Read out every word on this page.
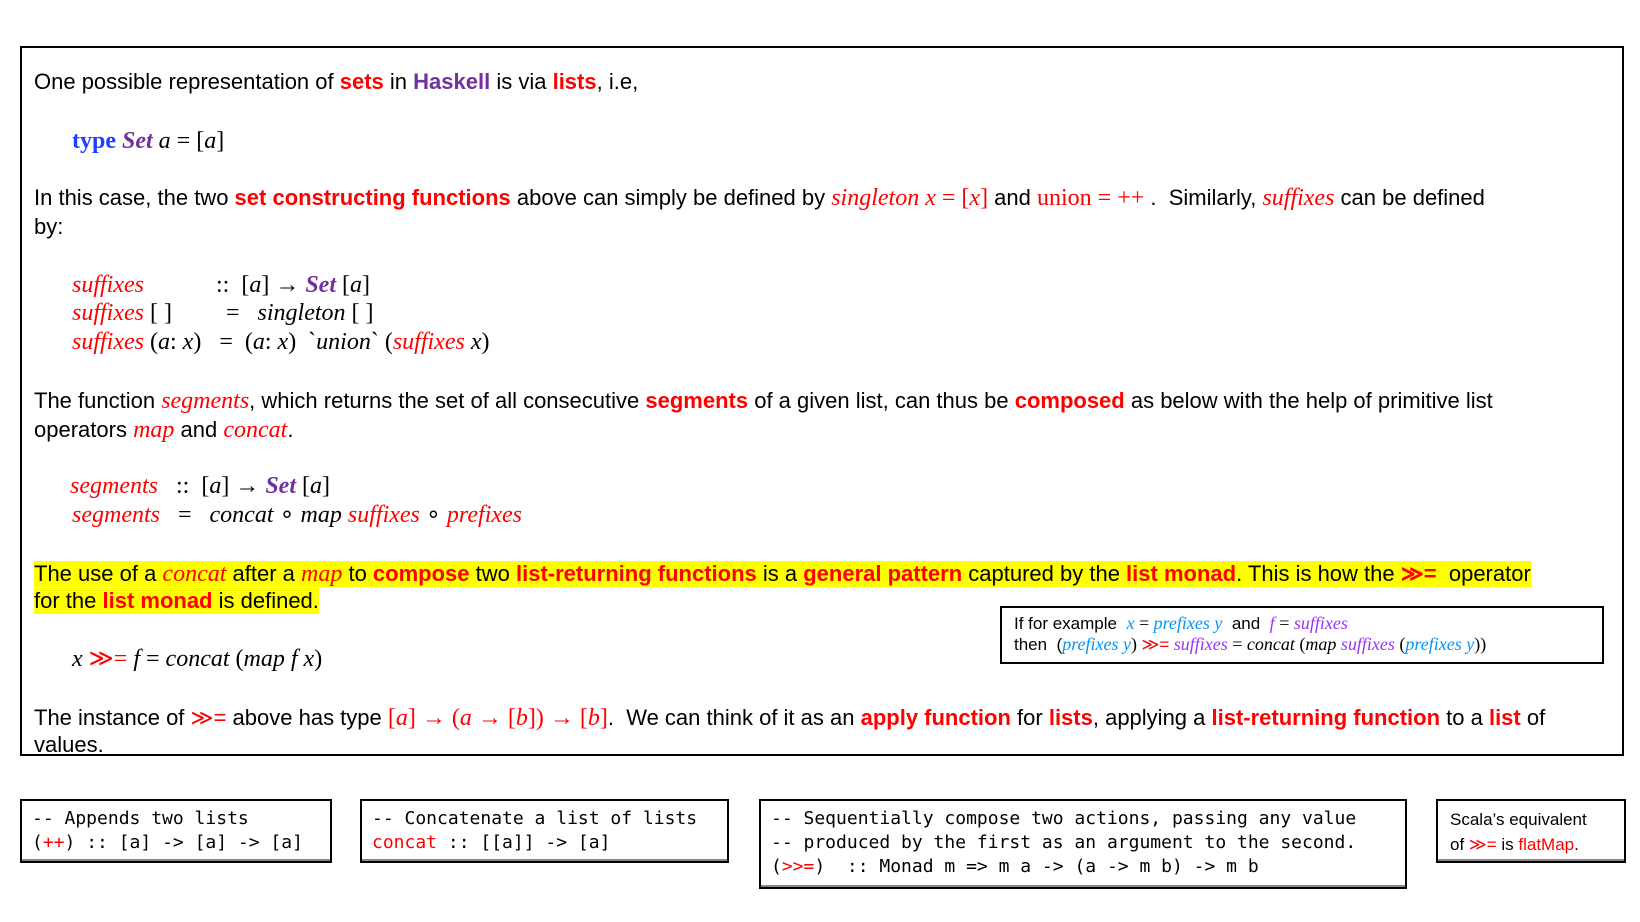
One possible representation of sets in Haskell is via lists, i.e,
type Set a = [a]
In this case, the two set constructing functions above can simply be defined by singleton x = [x] and union = ++ .  Similarly, suffixes can be defined
by:
suffixes            ::  [a] → Set [a]
suffixes [ ]         =   singleton [ ]
suffixes (a: x)   =  (a: x)  `union` (suffixes x)
The function segments, which returns the set of all consecutive segments of a given list, can thus be composed as below with the help of primitive list
operators map and concat.
segments   ::  [a] → Set [a]
segments   =   concat ∘ map suffixes ∘ prefixes
The use of a concat after a map to compose two list-returning functions is a general pattern captured by the list monad. This is how the ≫=  operator
for the list monad is defined.
x ≫= f = concat (map f x)
The instance of ≫= above has type [a] → (a → [b]) → [b].  We can think of it as an apply function for lists, applying a list-returning function to a list of
values.
If for example  x = prefixes y  and  f = suffixes
then  (prefixes y) ≫= suffixes = concat (map suffixes (prefixes y))
-- Appends two lists
(++) :: [a] -> [a] -> [a]
-- Concatenate a list of lists
concat :: [[a]] -> [a]
-- Sequentially compose two actions, passing any value
-- produced by the first as an argument to the second.
(>>=)  :: Monad m => m a -> (a -> m b) -> m b
Scala’s equivalent
of ≫= is flatMap.
